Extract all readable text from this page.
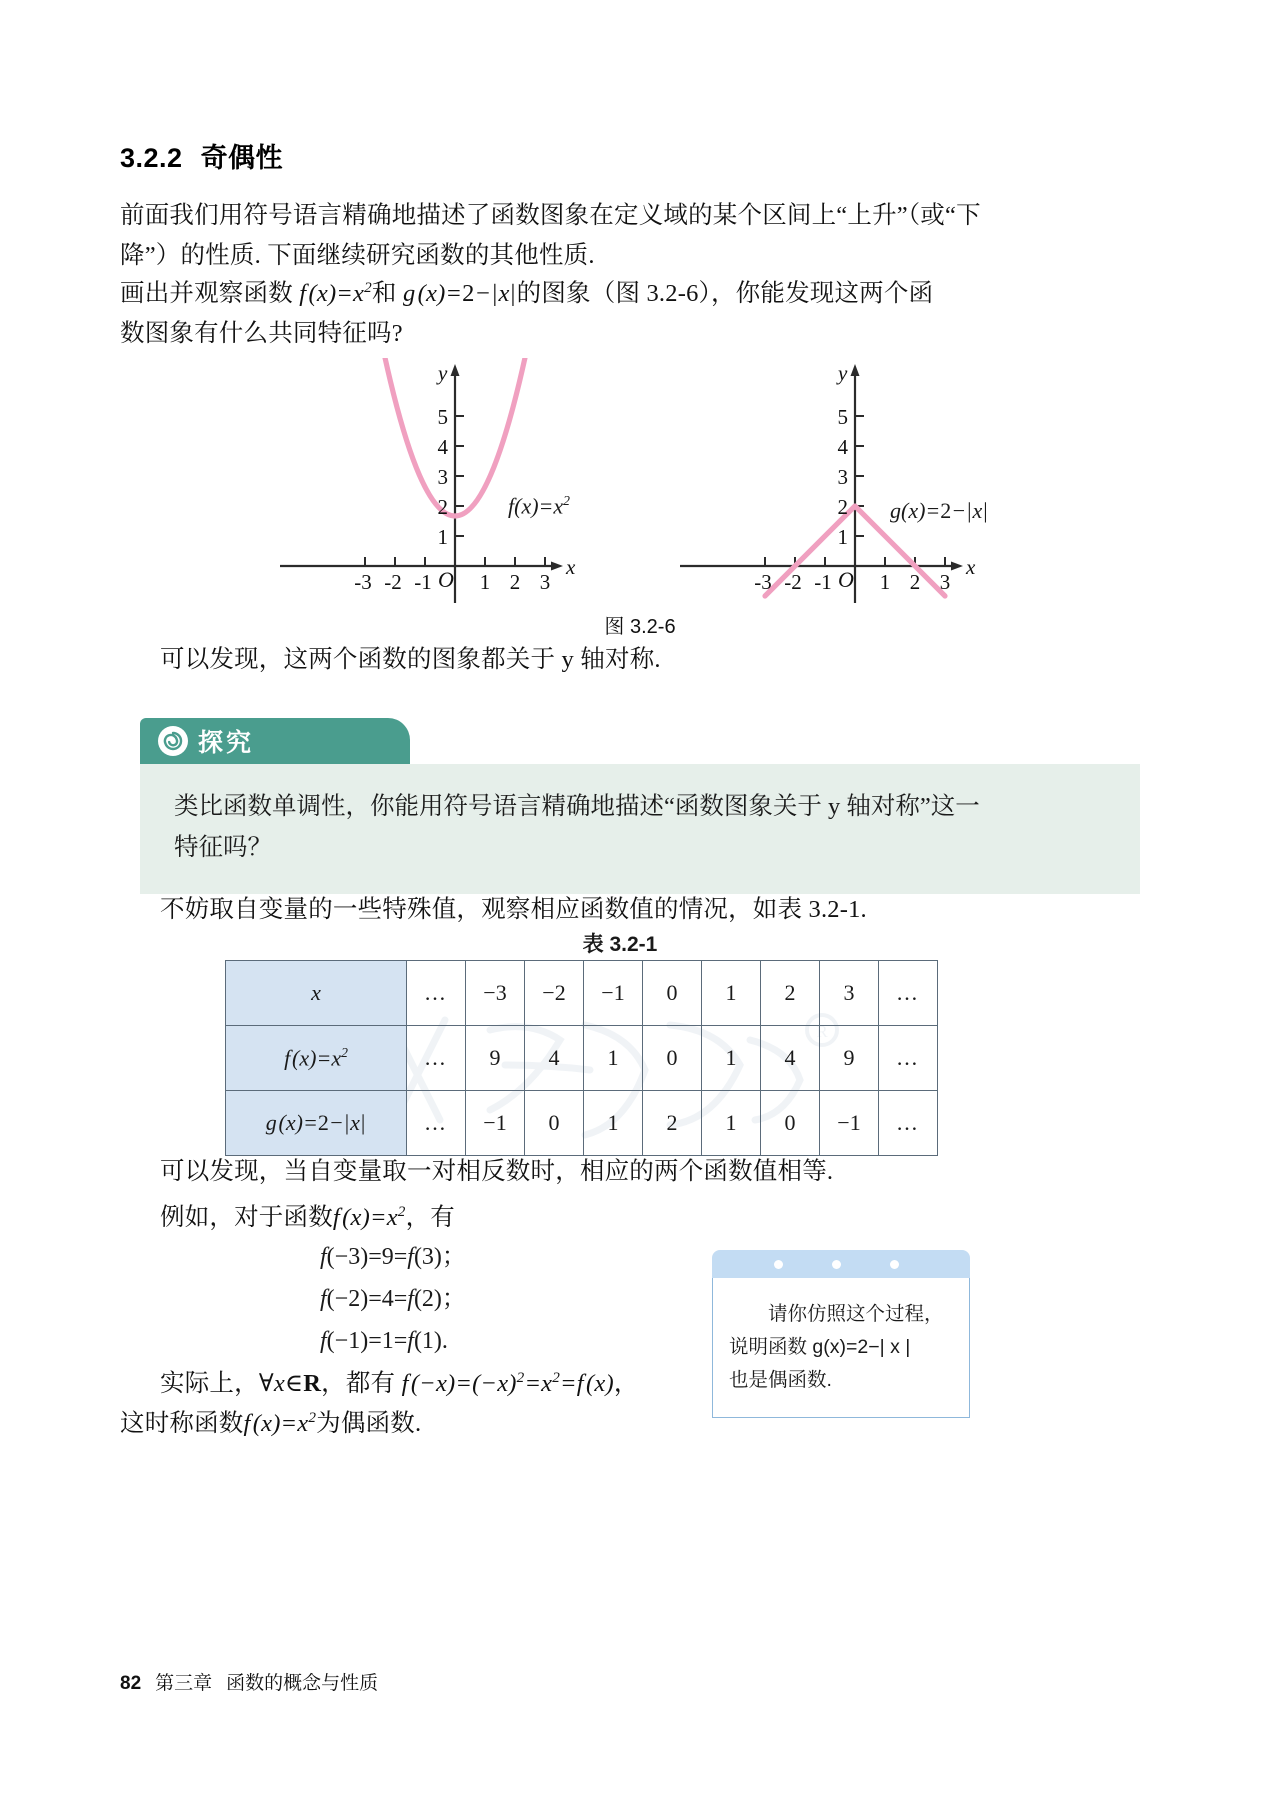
3.2.2 奇偶性
前面我们用符号语言精确地描述了函数图象在定义域的某个区间上“上升”（或“下
降”）的性质. 下面继续研究函数的其他性质.
画出并观察函数 f $(x)=x^2$和 g (x)=2−|x|的图象（图 3.2-6），你能发现这两个函
数图象有什么共同特征吗?
y
x
O
1
2
3
4
5
-3 -2 -1 1 2 3
$f(x)=x^2$
y
x
O
1
2
3
4
5
-3 -2 -1 1 2 3
g(x)=2−|x|
图 3.2-6
可以发现，这两个函数的图象都关于 y 轴对称.
探究
类比函数单调性，你能用符号语言精确地描述“函数图象关于 y 轴对称”这一
特征吗？
不妨取自变量的一些特殊值，观察相应函数值的情况，如表 3.2-1.
表 3.2-1
R
x	…	−3	−2	−1	0	1	2	3	…
f $(x)=x^2$	…	9	4	1	0	1	4	9	…
g (x)=2−|x|	…	−1	0	1	2	1	0	−1	…
可以发现，当自变量取一对相反数时，相应的两个函数值相等.
例如，对于函数f $(x)=x^2$，有
f(−3)=9=f(3)；
f(−2)=4=f(2)；
f(−1)=1=f(1).
请你仿照这个过程，
说明函数 g(x)=2−| x |
也是偶函数.
实际上，∀x∈R，都有 f $(-x)=(-x)^2=x^2=f$ (x)，
这时称函数f $(x)=x^2$为偶函数.
82 第三章 函数的概念与性质
